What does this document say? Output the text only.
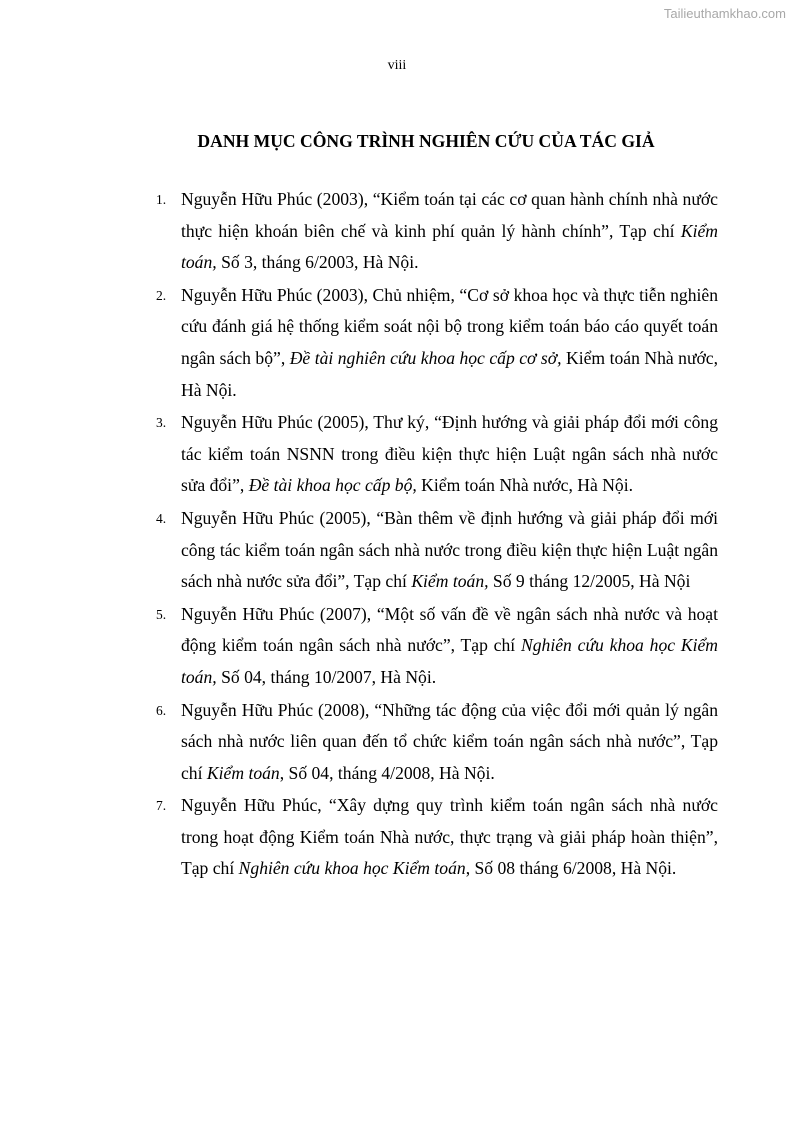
Tailieuthamkhao.com
viii
DANH MỤC CÔNG TRÌNH NGHIÊN CỨU CỦA TÁC GIẢ
1. Nguyễn Hữu Phúc (2003), “Kiểm toán tại các cơ quan hành chính nhà nước thực hiện khoán biên chế và kinh phí quản lý hành chính”, Tạp chí Kiểm toán, Số 3, tháng 6/2003, Hà Nội.
2. Nguyễn Hữu Phúc (2003), Chủ nhiệm, “Cơ sở khoa học và thực tiễn nghiên cứu đánh giá hệ thống kiểm soát nội bộ trong kiểm toán báo cáo quyết toán ngân sách bộ”, Đề tài nghiên cứu khoa học cấp cơ sở, Kiểm toán Nhà nước, Hà Nội.
3. Nguyễn Hữu Phúc (2005), Thư ký, “Định hướng và giải pháp đổi mới công tác kiểm toán NSNN trong điều kiện thực hiện Luật ngân sách nhà nước sửa đổi”, Đề tài khoa học cấp bộ, Kiểm toán Nhà nước, Hà Nội.
4. Nguyễn Hữu Phúc (2005), “Bàn thêm về định hướng và giải pháp đổi mới công tác kiểm toán ngân sách nhà nước trong điều kiện thực hiện Luật ngân sách nhà nước sửa đổi”, Tạp chí Kiểm toán, Số 9 tháng 12/2005, Hà Nội
5. Nguyễn Hữu Phúc (2007), “Một số vấn đề về ngân sách nhà nước và hoạt động kiểm toán ngân sách nhà nước”, Tạp chí Nghiên cứu khoa học Kiểm toán, Số 04, tháng 10/2007, Hà Nội.
6. Nguyễn Hữu Phúc (2008), “Những tác động của việc đổi mới quản lý ngân sách nhà nước liên quan đến tổ chức kiểm toán ngân sách nhà nước”, Tạp chí Kiểm toán, Số 04, tháng 4/2008, Hà Nội.
7. Nguyễn Hữu Phúc, “Xây dựng quy trình kiểm toán ngân sách nhà nước trong hoạt động Kiểm toán Nhà nước, thực trạng và giải pháp hoàn thiện”, Tạp chí Nghiên cứu khoa học Kiểm toán, Số 08 tháng 6/2008, Hà Nội.
